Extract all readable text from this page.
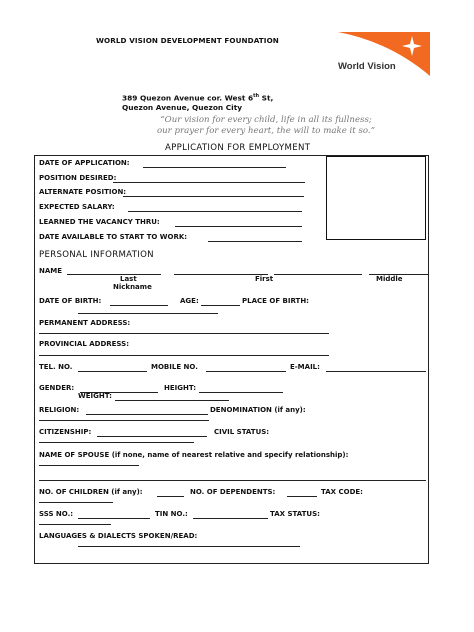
WORLD VISION DEVELOPMENT FOUNDATION
World Vision
389 Quezon Avenue cor. West 6th St,
Quezon Avenue, Quezon City
“Our vision for every child, life in all its fullness;
our prayer for every heart, the will to make it so.”
APPLICATION FOR EMPLOYMENT
DATE OF APPLICATION:
POSITION DESIRED:
ALTERNATE POSITION:
EXPECTED SALARY:
LEARNED THE VACANCY THRU:
DATE AVAILABLE TO START TO WORK:
PERSONAL INFORMATION
NAME
Last	First	Middle
Nickname
DATE OF BIRTH:	AGE:	PLACE OF BIRTH:
PERMANENT ADDRESS:
PROVINCIAL ADDRESS:
TEL. NO.	MOBILE NO.	E-MAIL:
GENDER:	HEIGHT:
WEIGHT:
RELIGION:	DENOMINATION (if any):
CITIZENSHIP:	CIVIL STATUS:
NAME OF SPOUSE (if none, name of nearest relative and specify relationship):
NO. OF CHILDREN (if any):	NO. OF DEPENDENTS:	TAX CODE:
SSS NO.:	TIN NO.:	TAX STATUS:
LANGUAGES & DIALECTS SPOKEN/READ:
